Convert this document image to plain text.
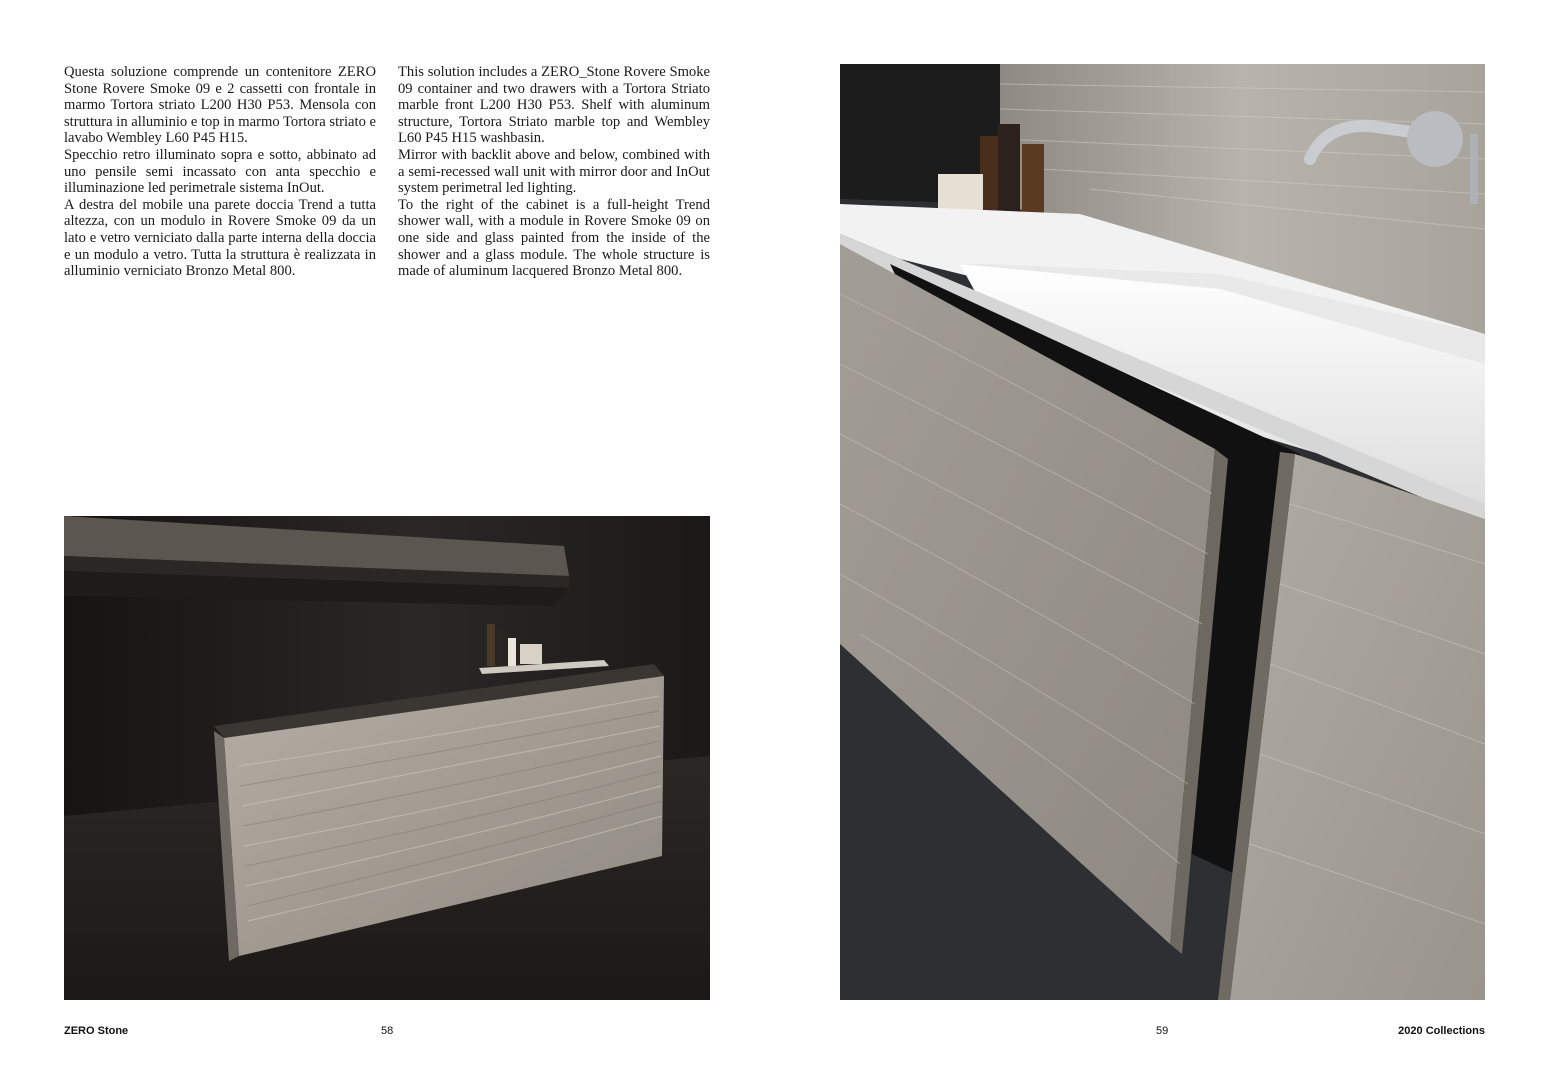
Questa soluzione comprende un contenitore ZERO Stone Rovere Smoke 09 e 2 cassetti con frontale in marmo Tortora striato L200 H30 P53. Mensola con struttura in alluminio e top in marmo Tortora striato e lavabo Wembley L60 P45 H15.

Specchio retro illuminato sopra e sotto, abbinato ad uno pensile semi incassato con anta specchio e illuminazione led perimetrale sistema InOut.

A destra del mobile una parete doccia Trend a tutta altezza, con un modulo in Rovere Smoke 09 da un lato e vetro verniciato dalla parte interna della doccia e un modulo a vetro. Tutta la struttura è realizzata in alluminio verniciato Bronzo Metal 800.

This solution includes a ZERO_Stone Rovere Smoke 09 container and two drawers with a Tortora Striato marble front L200 H30 P53. Shelf with aluminum structure, Tortora Striato marble top and Wembley L60 P45 H15 washbasin.

Mirror with backlit above and below, combined with a semi-recessed wall unit with mirror door and InOut system perimetral led lighting.

To the right of the cabinet is a full-height Trend shower wall, with a module in Rovere Smoke 09 on one side and glass painted from the inside of the shower and a glass module. The whole structure is made of aluminum lacquered Bronzo Metal 800.

ZERO Stone	58	59	2020 Collections
